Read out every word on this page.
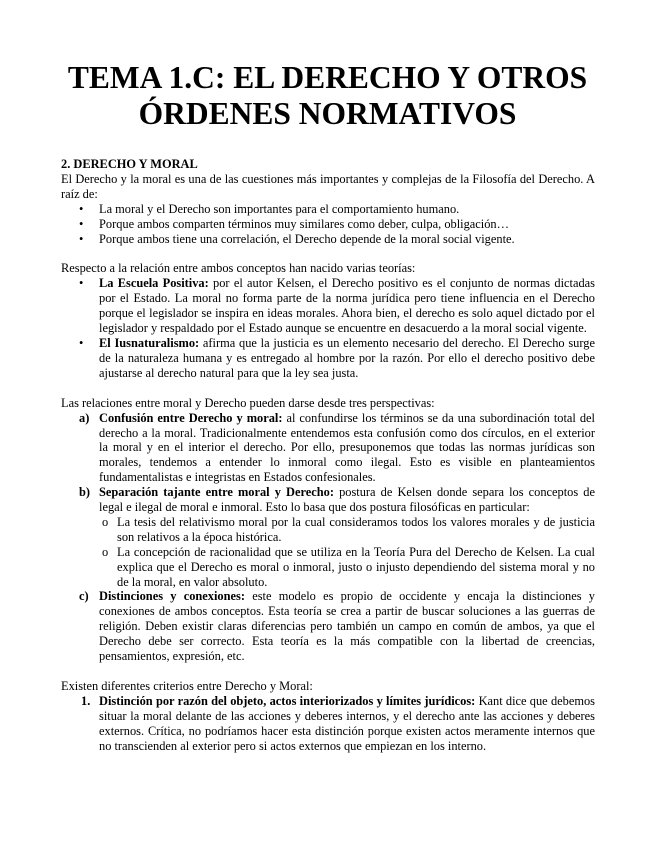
TEMA 1.C: EL DERECHO Y OTROS ÓRDENES NORMATIVOS

2. DERECHO Y MORAL

El Derecho y la moral es una de las cuestiones más importantes y complejas de la Filosofía del Derecho. A raíz de:

• La moral y el Derecho son importantes para el comportamiento humano.
• Porque ambos comparten términos muy similares como deber, culpa, obligación…
• Porque ambos tiene una correlación, el Derecho depende de la moral social vigente.

Respecto a la relación entre ambos conceptos han nacido varias teorías:

• La Escuela Positiva: por el autor Kelsen, el Derecho positivo es el conjunto de normas dictadas por el Estado. La moral no forma parte de la norma jurídica pero tiene influencia en el Derecho porque el legislador se inspira en ideas morales. Ahora bien, el derecho es solo aquel dictado por el legislador y respaldado por el Estado aunque se encuentre en desacuerdo a la moral social vigente.
• El Iusnaturalismo: afirma que la justicia es un elemento necesario del derecho. El Derecho surge de la naturaleza humana y es entregado al hombre por la razón. Por ello el derecho positivo debe ajustarse al derecho natural para que la ley sea justa.

Las relaciones entre moral y Derecho pueden darse desde tres perspectivas:

a) Confusión entre Derecho y moral: al confundirse los términos se da una subordinación total del derecho a la moral. Tradicionalmente entendemos esta confusión como dos círculos, en el exterior la moral y en el interior el derecho. Por ello, presuponemos que todas las normas jurídicas son morales, tendemos a entender lo inmoral como ilegal. Esto es visible en planteamientos fundamentalistas e integristas en Estados confesionales.
b) Separación tajante entre moral y Derecho: postura de Kelsen donde separa los conceptos de legal e ilegal de moral e inmoral. Esto lo basa que dos postura filosóficas en particular:
o La tesis del relativismo moral por la cual consideramos todos los valores morales y de justicia son relativos a la época histórica.
o La concepción de racionalidad que se utiliza en la Teoría Pura del Derecho de Kelsen. La cual explica que el Derecho es moral o inmoral, justo o injusto dependiendo del sistema moral y no de la moral, en valor absoluto.
c) Distinciones y conexiones: este modelo es propio de occidente y encaja la distinciones y conexiones de ambos conceptos. Esta teoría se crea a partir de buscar soluciones a las guerras de religión. Deben existir claras diferencias pero también un campo en común de ambos, ya que el Derecho debe ser correcto. Esta teoría es la más compatible con la libertad de creencias, pensamientos, expresión, etc.

Existen diferentes criterios entre Derecho y Moral:

1. Distinción por razón del objeto, actos interiorizados y límites jurídicos: Kant dice que debemos situar la moral delante de las acciones y deberes internos, y el derecho ante las acciones y deberes externos. Crítica, no podríamos hacer esta distinción porque existen actos meramente internos que no transcienden al exterior pero si actos externos que empiezan en los interno.
